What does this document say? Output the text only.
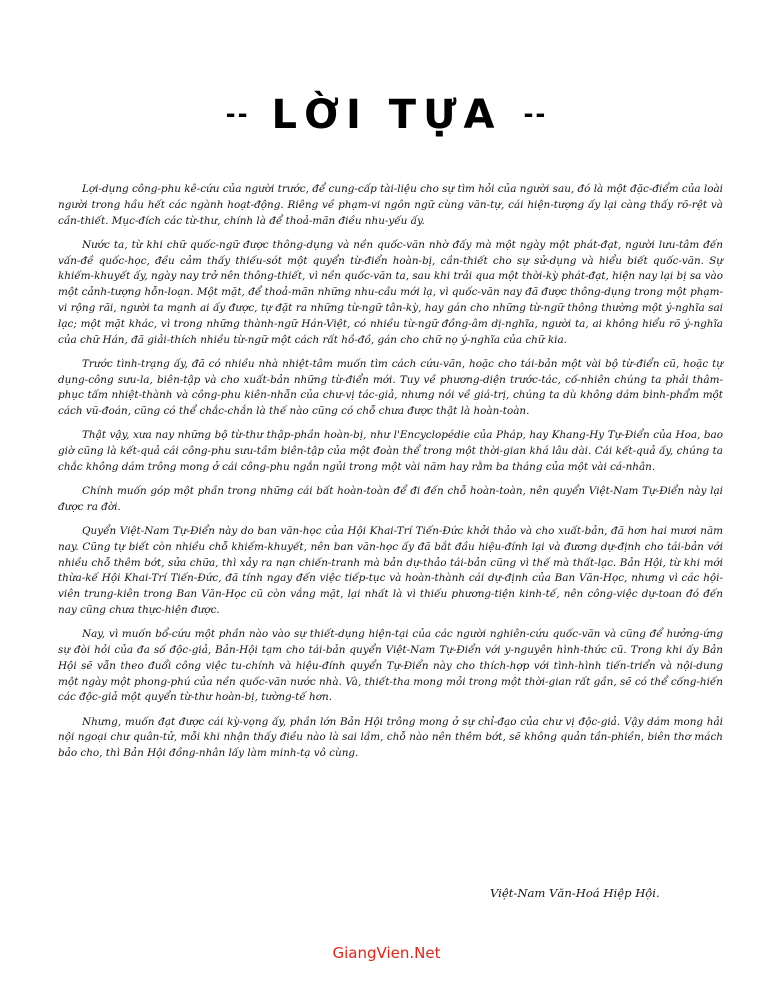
-- LỜI TỰA --

Lợi-dụng công-phu kê-cứu của người trước, để cung-cấp tài-liệu cho sự tìm hỏi của người sau, đó là một đặc-điểm của loài người trong hầu hết các ngành hoạt-động. Riêng về phạm-vi ngôn ngữ cùng văn-tự, cái hiện-tượng ấy lại càng thấy rõ-rệt và cần-thiết. Mục-đích các từ-thư, chính là để thoả-mãn điều nhu-yếu ấy.

Nước ta, từ khi chữ quốc-ngữ được thông-dụng và nền quốc-văn nhờ đấy mà một ngày một phát-đạt, người lưu-tâm đến vấn-đề quốc-học, đều cảm thấy thiếu-sót một quyển từ-điển hoàn-bị, cần-thiết cho sự sử-dụng và hiểu biết quốc-văn. Sự khiếm-khuyết ấy, ngày nay trở nên thông-thiết, vì nền quốc-văn ta, sau khi trải qua một thời-kỳ phát-đạt, hiện nay lại bị sa vào một cảnh-tượng hỗn-loạn. Một mặt, để thoả-mãn những nhu-cầu mới lạ, vì quốc-văn nay đã được thông-dụng trong một phạm-vi rộng rãi, người ta mạnh ai ấy được, tự đặt ra những từ-ngữ tân-kỳ, hay gán cho những từ-ngữ thông thường một ý-nghĩa sai lạc; một mặt khác, vì trong những thành-ngữ Hán-Việt, có nhiều từ-ngữ đồng-âm dị-nghĩa, người ta, ai không hiểu rõ ý-nghĩa của chữ Hán, đã giải-thích nhiều từ-ngữ một cách rất hồ-đồ, gán cho chữ nọ ý-nghĩa của chữ kia.

Trước tình-trạng ấy, đã có nhiều nhà nhiệt-tâm muốn tìm cách cứu-vãn, hoặc cho tái-bản một vài bộ từ-điển cũ, hoặc tự dụng-công sưu-la, biên-tập và cho xuất-bản những từ-điển mới. Tuy về phương-diện trước-tác, cố-nhiên chúng ta phải thâm-phục tấm nhiệt-thành và công-phu kiên-nhẫn của chư-vị tác-giả, nhưng nói về giá-trị, chúng ta dù không dám bình-phẩm một cách vũ-đoán, cũng có thể chắc-chắn là thế nào cũng có chỗ chưa được thật là hoàn-toàn.

Thật vậy, xưa nay những bộ từ-thư thập-phần hoàn-bị, như l'Encyclopédie của Pháp, hay Khang-Hy Tự-Điển của Hoa, bao giờ cũng là kết-quả cái công-phu sưu-tầm biên-tập của một đoàn thể trong một thời-gian khá lâu dài. Cái kết-quả ấy, chúng ta chắc không dám trông mong ở cái công-phu ngắn ngủi trong một vài năm hay rằm ba tháng của một vài cá-nhân.

Chính muốn góp một phần trong những cái bất hoàn-toàn để đi đến chỗ hoàn-toàn, nên quyển Việt-Nam Tự-Điển này lại được ra đời.

Quyển Việt-Nam Tự-Điển này do ban văn-học của Hội Khai-Trí Tiến-Đức khởi thảo và cho xuất-bản, đã hơn hai mươi năm nay. Cũng tự biết còn nhiều chỗ khiếm-khuyết, nên ban văn-học ấy đã bắt đầu hiệu-đính lại và đương dự-định cho tái-bản với nhiều chỗ thêm bớt, sửa chữa, thì xảy ra nạn chiến-tranh mà bản dự-thảo tái-bản cũng vì thế mà thất-lạc. Bản Hội, từ khi mới thừa-kế Hội Khai-Trí Tiến-Đức, đã tính ngay đến việc tiếp-tục và hoàn-thành cái dự-định của Ban Văn-Học, nhưng vì các hội-viên trung-kiên trong Ban Văn-Học cũ còn vắng mặt, lại nhất là vì thiếu phương-tiện kinh-tế, nên công-việc dự-toan đó đến nay cũng chưa thực-hiện được.

Nay, vì muốn bổ-cứu một phần nào vào sự thiết-dụng hiện-tại của các người nghiên-cứu quốc-văn và cũng để hưởng-ứng sự đòi hỏi của đa số độc-giả, Bản-Hội tạm cho tái-bản quyển Việt-Nam Tự-Điển với y-nguyên hình-thức cũ. Trong khi ấy Bản Hội sẽ vẫn theo đuổi công việc tu-chính và hiệu-đính quyển Tự-Điển này cho thích-hợp với tình-hình tiến-triển và nội-dung một ngày một phong-phú của nền quốc-văn nước nhà. Và, thiết-tha mong mỏi trong một thời-gian rất gần, sẽ có thể cống-hiến các độc-giả một quyển từ-thư hoàn-bị, tường-tế hơn.

Nhưng, muốn đạt được cái kỳ-vọng ấy, phần lớn Bản Hội trông mong ở sự chỉ-đạo của chư vị độc-giả. Vậy dám mong hải nội ngoại chư quân-tử, mỗi khi nhận thấy điều nào là sai lầm, chỗ nào nên thêm bớt, sẽ không quản tần-phiền, biên thơ mách bảo cho, thì Bản Hội đồng-nhân lấy làm minh-tạ vô cùng.

Việt-Nam Văn-Hoá Hiệp Hội.
GiangVien.Net
